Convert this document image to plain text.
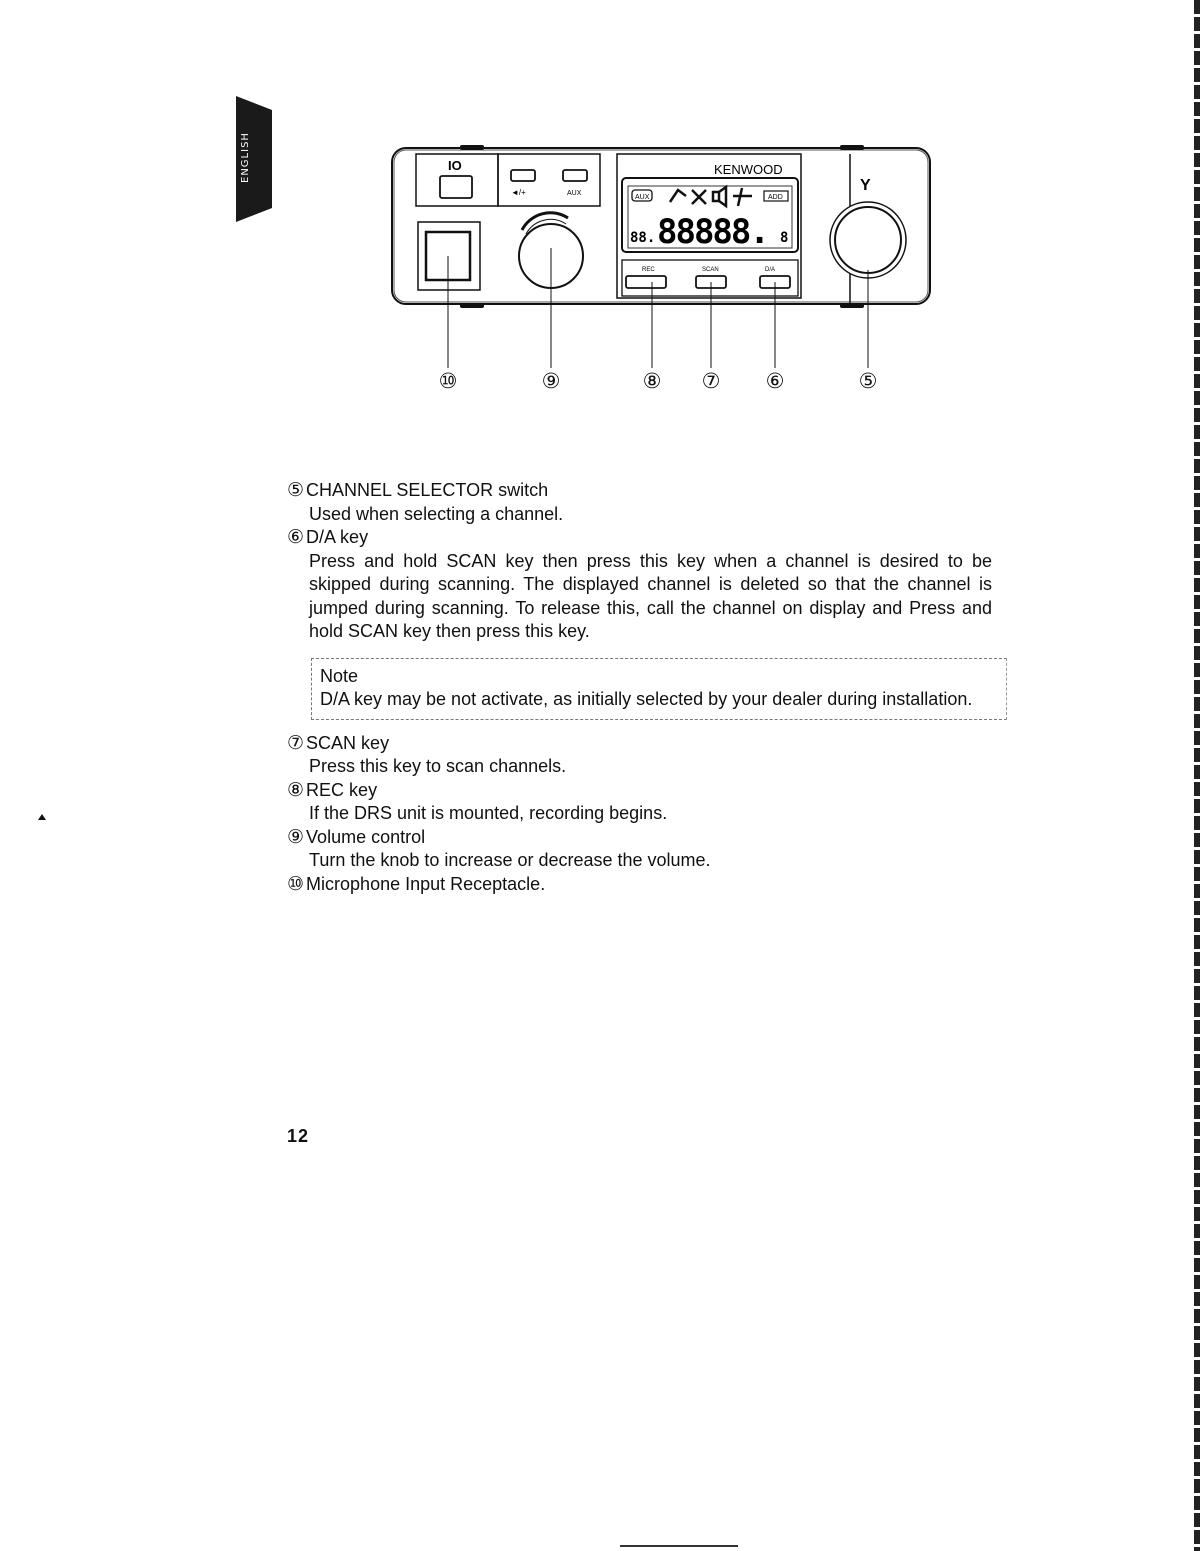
ENGLISH	IO
◄/+	AUX
KENWOOD
AUX	ADD
88. 88888. 8
REC	SCAN	D/A
Y
⑩	⑨	⑧ ⑦ ⑥	⑤
⑤ CHANNEL SELECTOR switch
Used when selecting a channel.
⑥ D/A key
Press and hold SCAN key then press this key when a channel is desired to be skipped during scanning. The displayed channel is deleted so that the channel is jumped during scanning. To release this, call the channel on display and Press and hold SCAN key then press this key.
Note
D/A key may be not activate, as initially selected by your dealer during installation.
⑦ SCAN key
Press this key to scan channels.
⑧ REC key
If the DRS unit is mounted, recording begins.
⑨ Volume control
Turn the knob to increase or decrease the volume.
⑩ Microphone Input Receptacle.
12
